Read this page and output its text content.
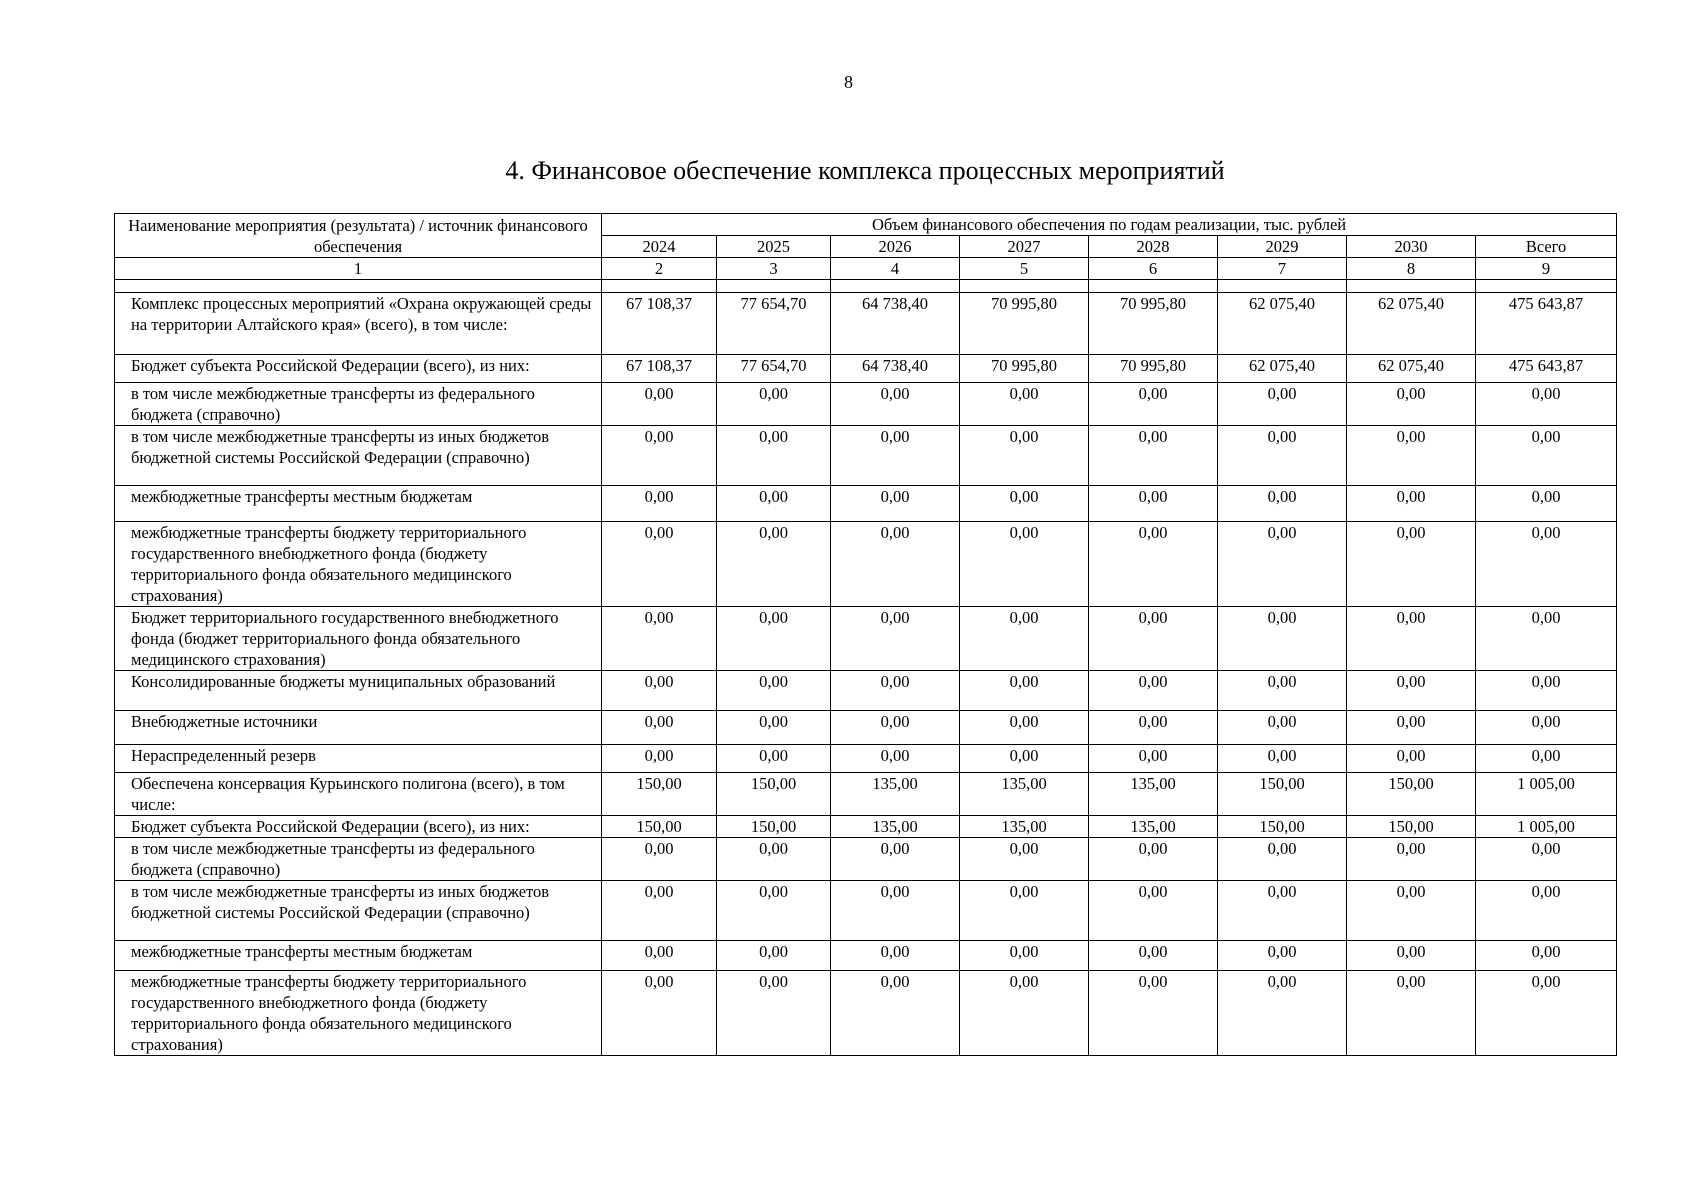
8
4. Финансовое обеспечение комплекса процессных мероприятий
Наименование мероприятия (результата) / источник финансового обеспечения	Объем финансового обеспечения по годам реализации, тыс. рублей							
	2024	2025	2026	2027	2028	2029	2030	Всего
1	2	3	4	5	6	7	8	9

Комплекс процессных мероприятий «Охрана окружающей среды на территории Алтайского края» (всего), в том числе:	67 108,37	77 654,70	64 738,40	70 995,80	70 995,80	62 075,40	62 075,40	475 643,87
Бюджет субъекта Российской Федерации (всего), из них:	67 108,37	77 654,70	64 738,40	70 995,80	70 995,80	62 075,40	62 075,40	475 643,87
в том числе межбюджетные трансферты из федерального бюджета (справочно)	0,00	0,00	0,00	0,00	0,00	0,00	0,00	0,00
в том числе межбюджетные трансферты из иных бюджетов бюджетной системы Российской Федерации (справочно)	0,00	0,00	0,00	0,00	0,00	0,00	0,00	0,00
межбюджетные трансферты местным бюджетам	0,00	0,00	0,00	0,00	0,00	0,00	0,00	0,00
межбюджетные трансферты бюджету территориального государственного внебюджетного фонда (бюджету территориального фонда обязательного медицинского страхования)	0,00	0,00	0,00	0,00	0,00	0,00	0,00	0,00
Бюджет территориального государственного внебюджетного фонда (бюджет территориального фонда обязательного медицинского страхования)	0,00	0,00	0,00	0,00	0,00	0,00	0,00	0,00
Консолидированные бюджеты муниципальных образований	0,00	0,00	0,00	0,00	0,00	0,00	0,00	0,00
Внебюджетные источники	0,00	0,00	0,00	0,00	0,00	0,00	0,00	0,00
Нераспределенный резерв	0,00	0,00	0,00	0,00	0,00	0,00	0,00	0,00
Обеспечена консервация Курьинского полигона (всего), в том числе:	150,00	150,00	135,00	135,00	135,00	150,00	150,00	1 005,00
Бюджет субъекта Российской Федерации (всего), из них:	150,00	150,00	135,00	135,00	135,00	150,00	150,00	1 005,00
в том числе межбюджетные трансферты из федерального бюджета (справочно)	0,00	0,00	0,00	0,00	0,00	0,00	0,00	0,00
в том числе межбюджетные трансферты из иных бюджетов бюджетной системы Российской Федерации (справочно)	0,00	0,00	0,00	0,00	0,00	0,00	0,00	0,00
межбюджетные трансферты местным бюджетам	0,00	0,00	0,00	0,00	0,00	0,00	0,00	0,00
межбюджетные трансферты бюджету территориального государственного внебюджетного фонда (бюджету территориального фонда обязательного медицинского страхования)	0,00	0,00	0,00	0,00	0,00	0,00	0,00	0,00
